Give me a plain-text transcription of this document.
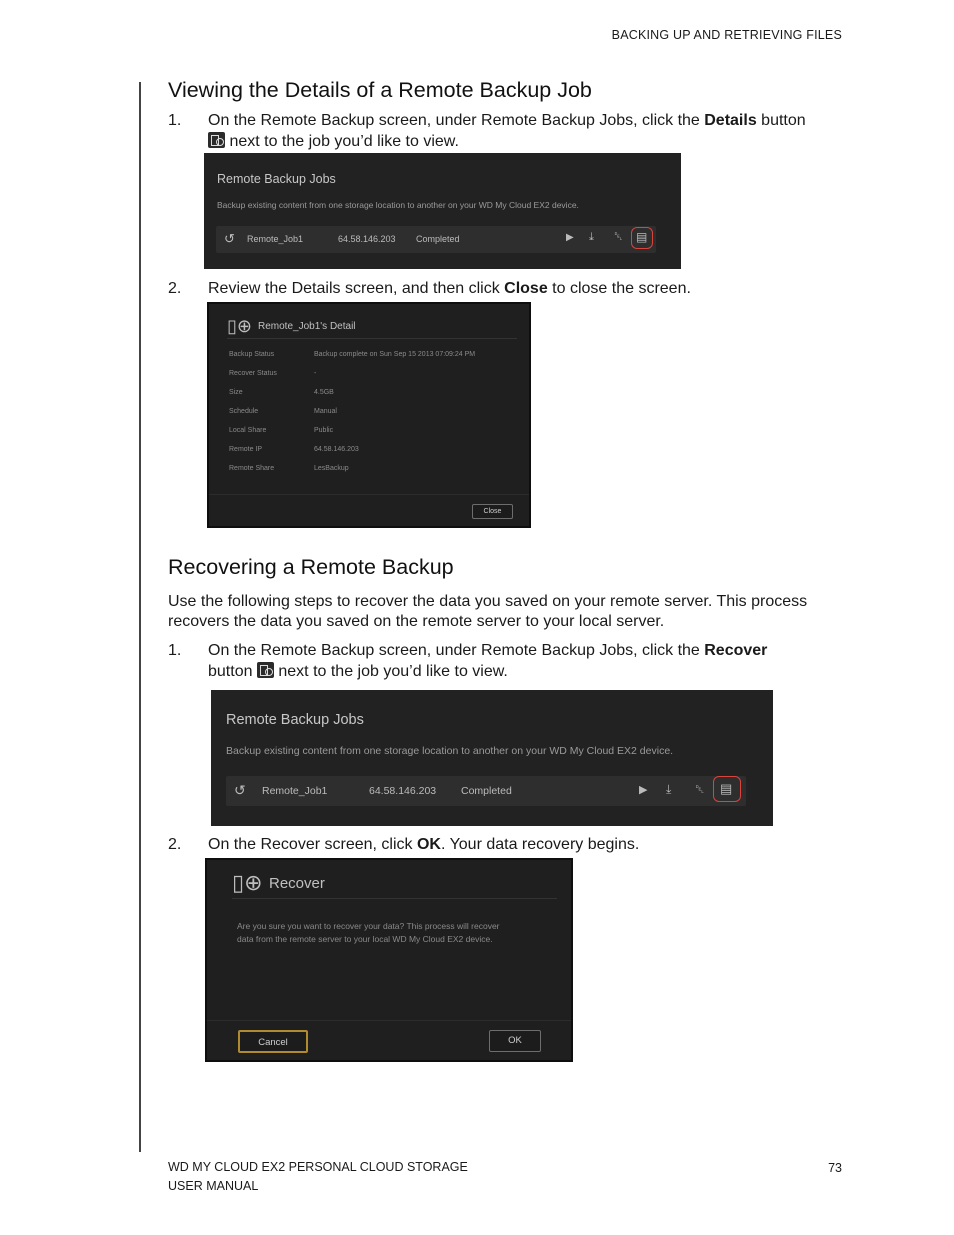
BACKING UP AND RETRIEVING FILES
Viewing the Details of a Remote Backup Job
1. On the Remote Backup screen, under Remote Backup Jobs, click the Details button
next to the job you’d like to view.
Remote Backup Jobs
Backup existing content from one storage location to another on your WD My Cloud EX2 device.
↺ Remote_Job1	64.58.146.203 Completed	▶ ⤓ ␡ ▤
2. Review the Details screen, and then click Close to close the screen.
▯⊕ Remote_Job1's Detail
Backup Status	Backup complete on Sun Sep 15 2013 07:09:24 PM
Recover Status	-
Size	4.5GB
Schedule	Manual
Local Share	Public
Remote IP	64.58.146.203
Remote Share	LesBackup
Close
Recovering a Remote Backup
Use the following steps to recover the data you saved on your remote server. This process recovers the data you saved on the remote server to your local server.
1. On the Remote Backup screen, under Remote Backup Jobs, click the Recover
button  next to the job you’d like to view.
Remote Backup Jobs
Backup existing content from one storage location to another on your WD My Cloud EX2 device.
↺ Remote_Job1	64.58.146.203 Completed	▶ ⤓ ␡ ▤
2. On the Recover screen, click OK. Your data recovery begins.
▯⊕ Recover
Are you sure you want to recover your data? This process will recover
data from the remote server to your local WD My Cloud EX2 device.
Cancel	OK
WD MY CLOUD EX2 PERSONAL CLOUD STORAGE
USER MANUAL
73
